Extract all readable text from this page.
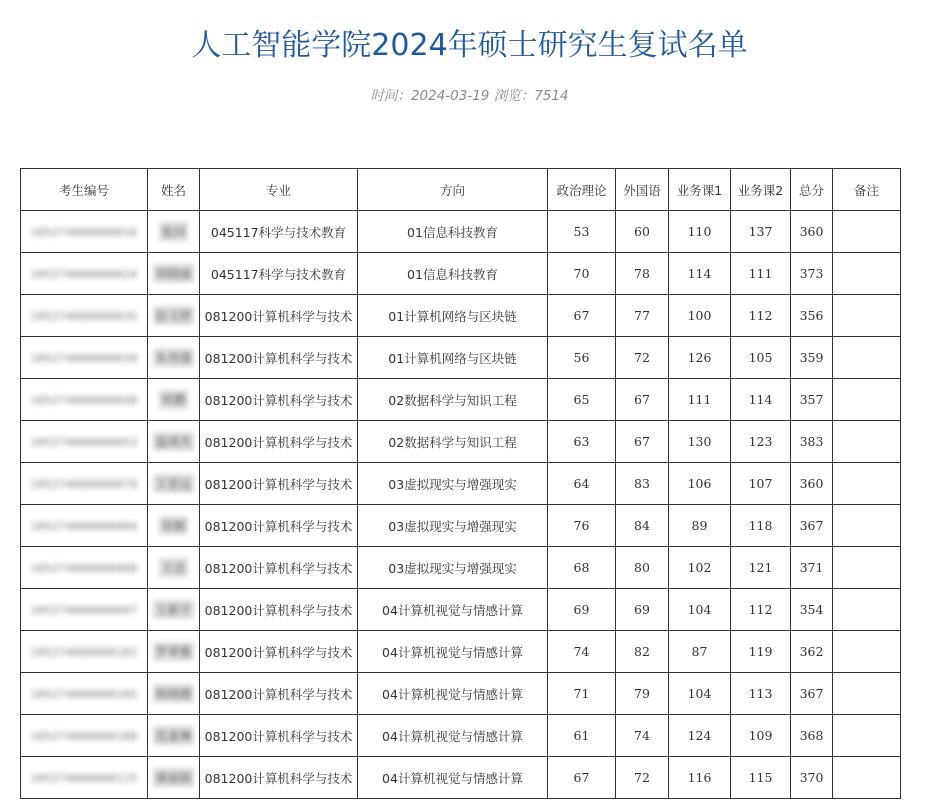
人工智能学院2024年硕士研究生复试名单
时间：2024-03-19 浏览：7514
考生编号	姓名	专业	方向	政治理论	外国语	业务课1	业务课2	总分	备注
105274000000016	张同	045117科学与技术教育	01信息科技教育	53	60	110	137	360	
105274000000024	胡晓丽	045117科学与技术教育	01信息科技教育	70	78	114	111	373	
105274000000035	赵文婷	081200计算机科学与技术	01计算机网络与区块链	67	77	100	112	356	
105274000000039	朱伟强	081200计算机科学与技术	01计算机网络与区块链	56	72	126	105	359	
105274000000048	周鹏	081200计算机科学与技术	02数据科学与知识工程	65	67	111	114	357	
105274000000053	温靖杰	081200计算机科学与技术	02数据科学与知识工程	63	67	130	123	383	
105274000000079	王思远	081200计算机科学与技术	03虚拟现实与增强现实	64	83	106	107	360	
105274000000084	徐颖	081200计算机科学与技术	03虚拟现实与增强现实	76	84	89	118	367	
105274000000088	王洁	081200计算机科学与技术	03虚拟现实与增强现实	68	80	102	121	371	
105274000000097	王新宇	081200计算机科学与技术	04计算机视觉与情感计算	69	69	104	112	354	
105274000000102	罗翠雅	081200计算机科学与技术	04计算机视觉与情感计算	74	82	87	119	362	
105274000000105	杨晓薇	081200计算机科学与技术	04计算机视觉与情感计算	71	79	104	113	367	
105274000000108	范嘉琳	081200计算机科学与技术	04计算机视觉与情感计算	61	74	124	109	368	
105274000000115	康丽娟	081200计算机科学与技术	04计算机视觉与情感计算	67	72	116	115	370	
